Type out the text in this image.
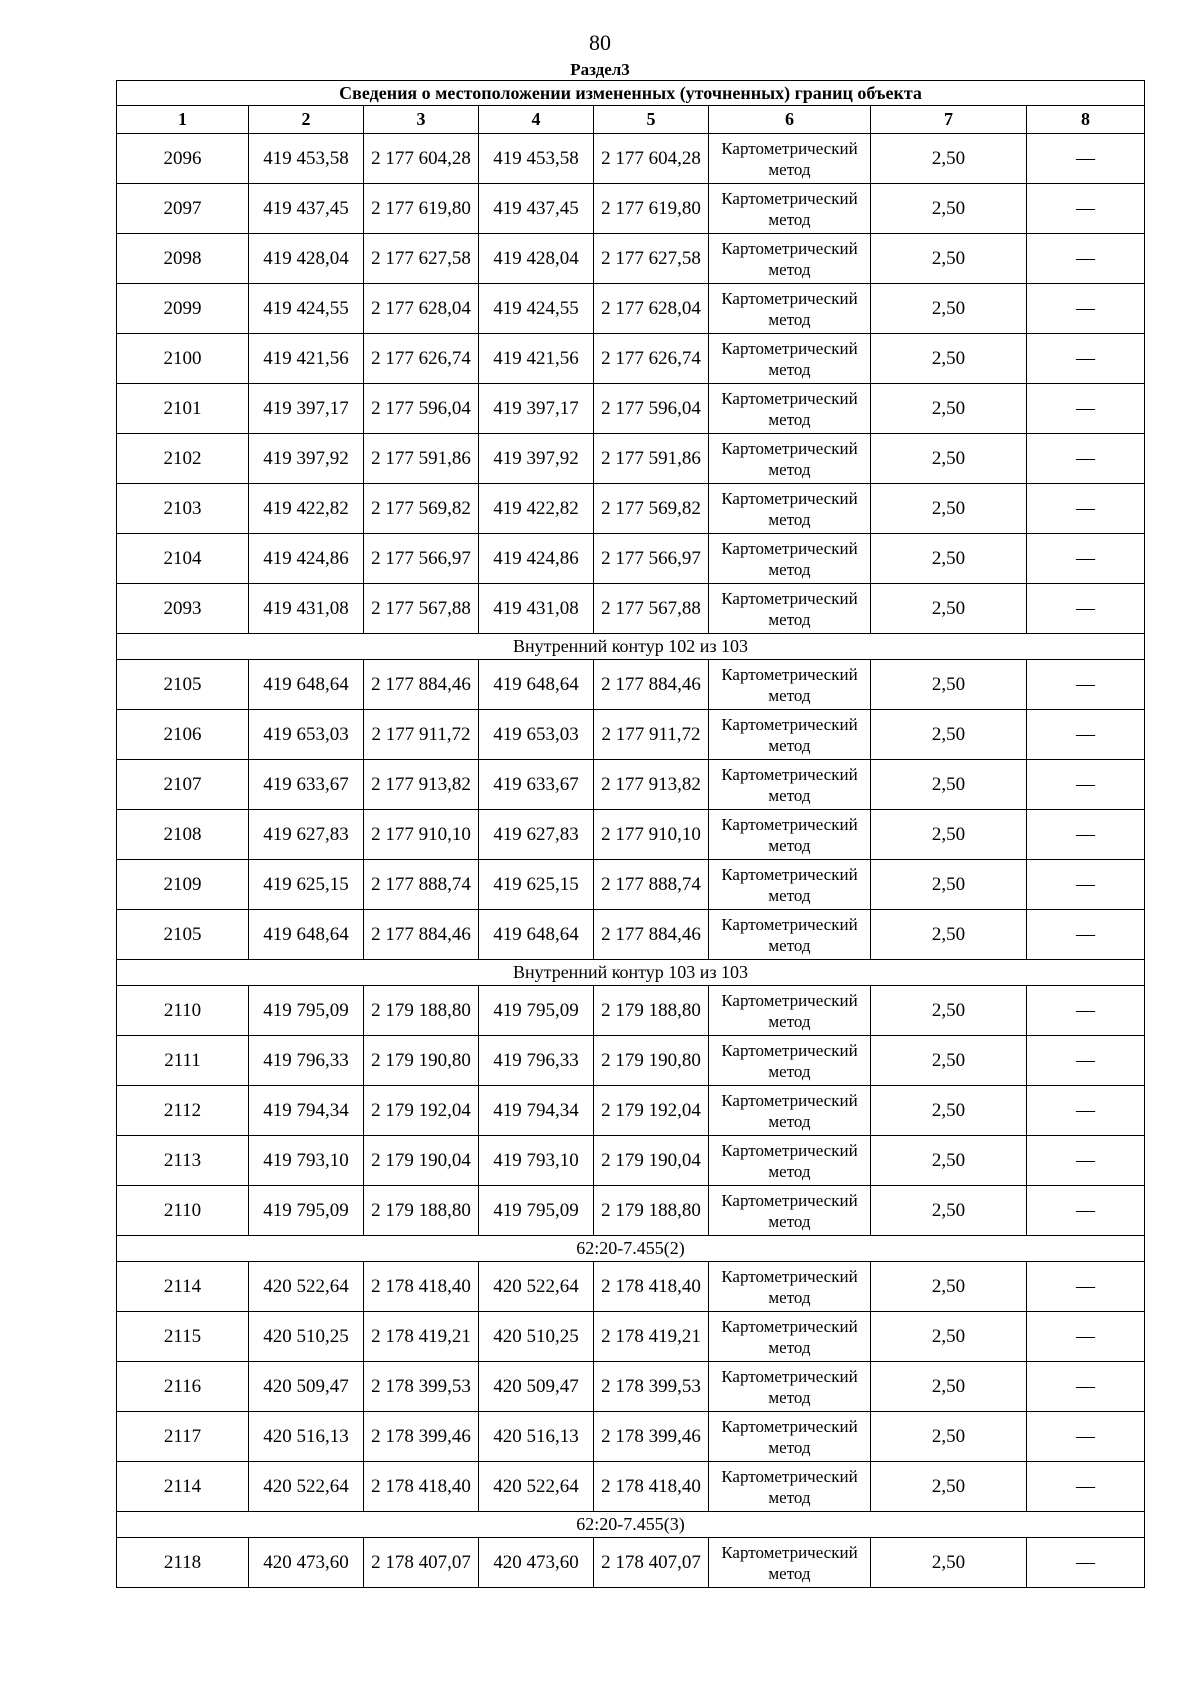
80
Раздел3
Сведения о местоположении измененных (уточненных) границ объекта							
1	2	3	4	5	6	7	8
2096	419 453,58	2 177 604,28	419 453,58	2 177 604,28	Картометрический метод	2,50	—
2097	419 437,45	2 177 619,80	419 437,45	2 177 619,80	Картометрический метод	2,50	—
2098	419 428,04	2 177 627,58	419 428,04	2 177 627,58	Картометрический метод	2,50	—
2099	419 424,55	2 177 628,04	419 424,55	2 177 628,04	Картометрический метод	2,50	—
2100	419 421,56	2 177 626,74	419 421,56	2 177 626,74	Картометрический метод	2,50	—
2101	419 397,17	2 177 596,04	419 397,17	2 177 596,04	Картометрический метод	2,50	—
2102	419 397,92	2 177 591,86	419 397,92	2 177 591,86	Картометрический метод	2,50	—
2103	419 422,82	2 177 569,82	419 422,82	2 177 569,82	Картометрический метод	2,50	—
2104	419 424,86	2 177 566,97	419 424,86	2 177 566,97	Картометрический метод	2,50	—
2093	419 431,08	2 177 567,88	419 431,08	2 177 567,88	Картометрический метод	2,50	—
Внутренний контур 102 из 103							
2105	419 648,64	2 177 884,46	419 648,64	2 177 884,46	Картометрический метод	2,50	—
2106	419 653,03	2 177 911,72	419 653,03	2 177 911,72	Картометрический метод	2,50	—
2107	419 633,67	2 177 913,82	419 633,67	2 177 913,82	Картометрический метод	2,50	—
2108	419 627,83	2 177 910,10	419 627,83	2 177 910,10	Картометрический метод	2,50	—
2109	419 625,15	2 177 888,74	419 625,15	2 177 888,74	Картометрический метод	2,50	—
2105	419 648,64	2 177 884,46	419 648,64	2 177 884,46	Картометрический метод	2,50	—
Внутренний контур 103 из 103							
2110	419 795,09	2 179 188,80	419 795,09	2 179 188,80	Картометрический метод	2,50	—
2111	419 796,33	2 179 190,80	419 796,33	2 179 190,80	Картометрический метод	2,50	—
2112	419 794,34	2 179 192,04	419 794,34	2 179 192,04	Картометрический метод	2,50	—
2113	419 793,10	2 179 190,04	419 793,10	2 179 190,04	Картометрический метод	2,50	—
2110	419 795,09	2 179 188,80	419 795,09	2 179 188,80	Картометрический метод	2,50	—
62:20-7.455(2)							
2114	420 522,64	2 178 418,40	420 522,64	2 178 418,40	Картометрический метод	2,50	—
2115	420 510,25	2 178 419,21	420 510,25	2 178 419,21	Картометрический метод	2,50	—
2116	420 509,47	2 178 399,53	420 509,47	2 178 399,53	Картометрический метод	2,50	—
2117	420 516,13	2 178 399,46	420 516,13	2 178 399,46	Картометрический метод	2,50	—
2114	420 522,64	2 178 418,40	420 522,64	2 178 418,40	Картометрический метод	2,50	—
62:20-7.455(3)							
2118	420 473,60	2 178 407,07	420 473,60	2 178 407,07	Картометрический метод	2,50	—
